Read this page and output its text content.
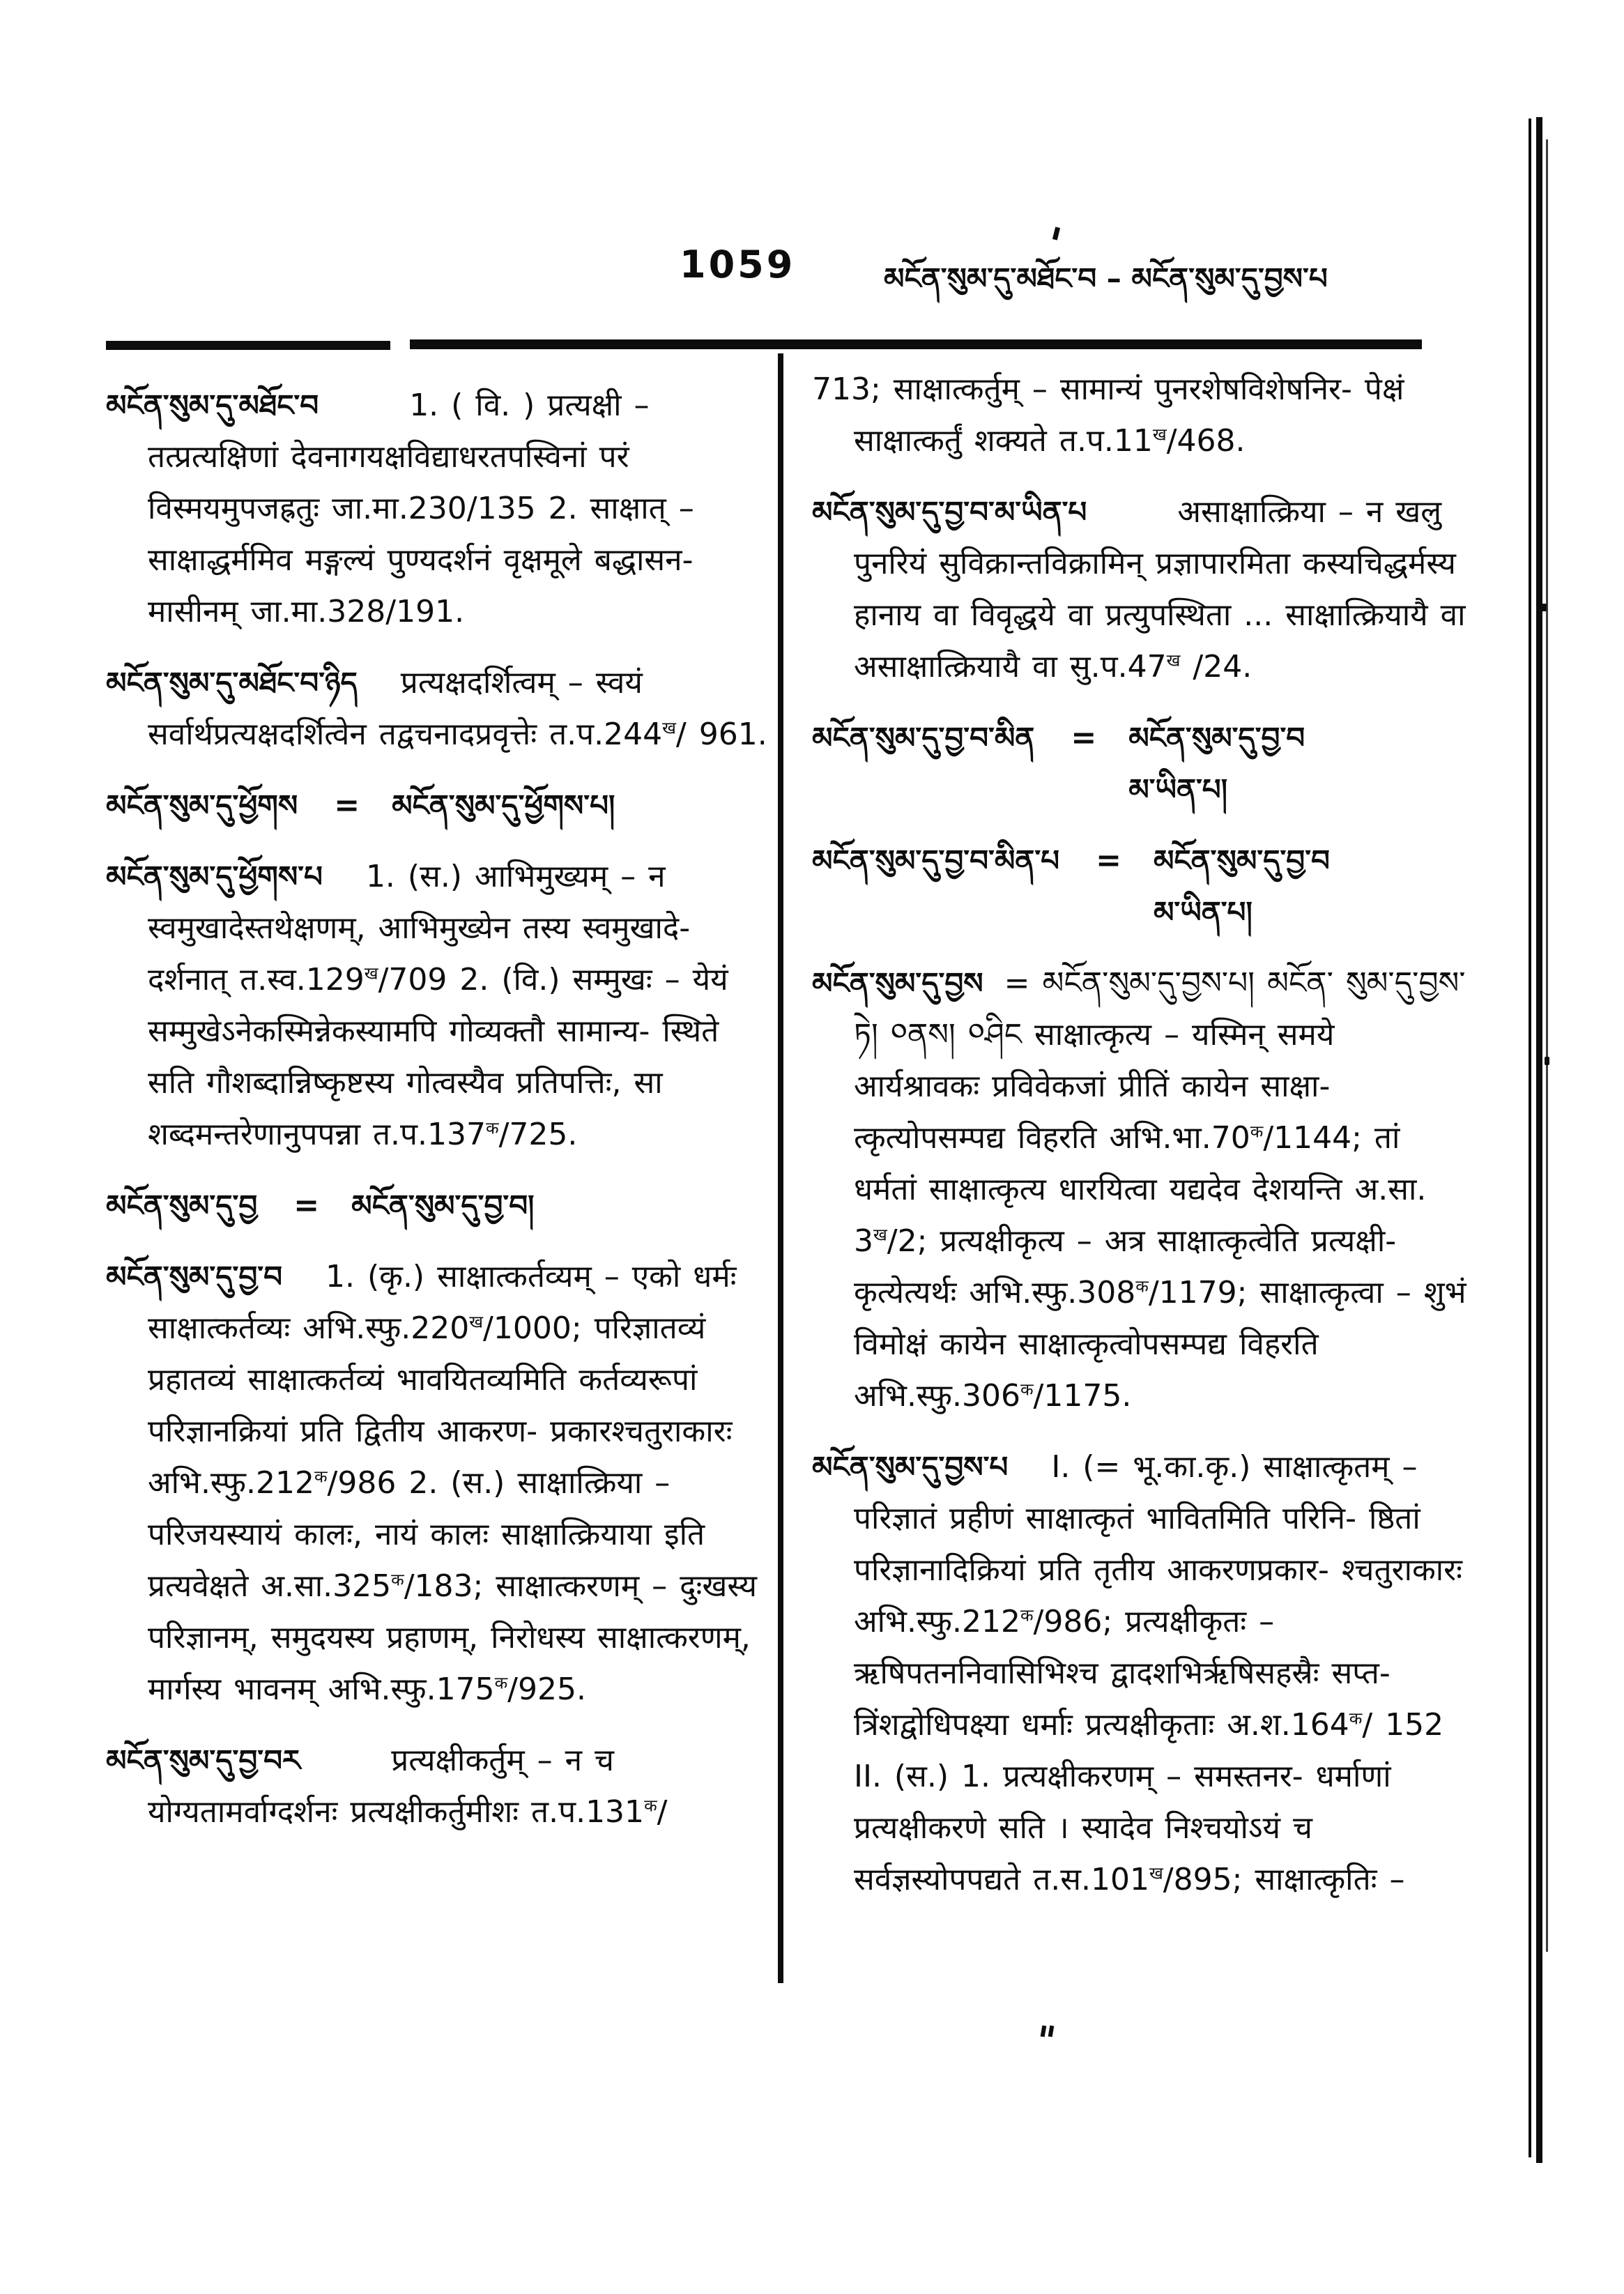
1059	མངོན་སུམ་དུ་མཐོང་བ – མངོན་སུམ་དུ་བྱས་པ
མངོན་སུམ་དུ་མཐོང་བ	1. ( वि. ) प्रत्यक्षी – तत्प्रत्यक्षिणां देवनागयक्षविद्याधरतपस्विनां परं विस्मयमुपजह्रतुः जा.मा.230/135 2. साक्षात् – साक्षाद्धर्ममिव मङ्गल्यं पुण्यदर्शनं वृक्षमूले बद्धासन- मासीनम् जा.मा.328/191.
མངོན་སུམ་དུ་མཐོང་བ་ཉིད प्रत्यक्षदर्शित्वम् – स्वयं सर्वार्थप्रत्यक्षदर्शित्वेन तद्वचनादप्रवृत्तेः $त.प.244^ख/$ 961.
མངོན་སུམ་དུ་ཕྱོགས = མངོན་སུམ་དུ་ཕྱོགས་པ།
མངོན་སུམ་དུ་ཕྱོགས་པ 1. (स.) आभिमुख्यम् – न स्वमुखादेस्तथेक्षणम्, आभिमुख्येन तस्य स्वमुखादे- दर्शनात् $त.स्व.129^ख/709$ 2. (वि.) सम्मुखः – येयं सम्मुखेऽनेकस्मिन्नेकस्यामपि गोव्यक्तौ सामान्य- स्थिते सति गौशब्दान्निष्कृष्टस्य गोत्वस्यैव प्रतिपत्तिः, सा शब्दमन्तरेणानुपपन्ना $त.प.137^क/725$.
མངོན་སུམ་དུ་བྱ = མངོན་སུམ་དུ་བྱ་བ།
མངོན་སུམ་དུ་བྱ་བ 1. (कृ.) साक्षात्कर्तव्यम् – एको धर्मः साक्षात्कर्तव्यः $अभि.स्फु.220^ख/1000$; परिज्ञातव्यं प्रहातव्यं साक्षात्कर्तव्यं भावयितव्यमिति कर्तव्यरूपां परिज्ञानक्रियां प्रति द्वितीय आकरण- प्रकारश्चतुराकारः $अभि.स्फु.212^क/986$ 2. (स.) साक्षात्क्रिया – परिजयस्यायं कालः, नायं कालः साक्षात्क्रियाया इति प्रत्यवेक्षते $अ.सा.325^क/183$; साक्षात्करणम् – दुःखस्य परिज्ञानम्, समुदयस्य प्रहाणम्, निरोधस्य साक्षात्करणम्, मार्गस्य भावनम् $अभि.स्फु.175^क/925$.
མངོན་སུམ་དུ་བྱ་བར	प्रत्यक्षीकर्तुम् – न च योग्यतामर्वाग्दर्शनः प्रत्यक्षीकर्तुमीशः $त.प.131^क/$
713; साक्षात्कर्तुम् – सामान्यं पुनरशेषविशेषनिर- पेक्षं साक्षात्कर्तुं शक्यते $त.प.11^ख/468$.
མངོན་སུམ་དུ་བྱ་བ་མ་ཡིན་པ	असाक्षात्क्रिया – न खलु पुनरियं सुविक्रान्तविक्रामिन् प्रज्ञापारमिता कस्यचिद्धर्मस्य हानाय वा विवृद्धये वा प्रत्युपस्थिता ... साक्षात्क्रियायै वा असाक्षात्क्रियायै वा $सु.प.47^ख$ /24.
མངོན་སུམ་དུ་བྱ་བ་མིན = མངོན་སུམ་དུ་བྱ་བ
མ་ཡིན་པ།
མངོན་སུམ་དུ་བྱ་བ་མིན་པ = མངོན་སུམ་དུ་བྱ་བ
མ་ཡིན་པ།
མངོན་སུམ་དུ་བྱས = མངོན་སུམ་དུ་བྱས་པ། མངོན་ སུམ་དུ་བྱས་ཏེ། ༠ནས། ༠ཤིང साक्षात्कृत्य – यस्मिन् समये आर्यश्रावकः प्रविवेकजां प्रीतिं कायेन साक्षा- त्कृत्योपसम्पद्य विहरति $अभि.भा.70^क/1144$; तां धर्मतां साक्षात्कृत्य धारयित्वा यद्यदेव देशयन्ति अ.सा. $3^ख/2$; प्रत्यक्षीकृत्य – अत्र साक्षात्कृत्वेति प्रत्यक्षी- कृत्येत्यर्थः $अभि.स्फु.308^क/1179$; साक्षात्कृत्वा – शुभं विमोक्षं कायेन साक्षात्कृत्वोपसम्पद्य विहरति $अभि.स्फु.306^क/1175$.
མངོན་སུམ་དུ་བྱས་པ I. (= भू.का.कृ.) साक्षात्कृतम् – परिज्ञातं प्रहीणं साक्षात्कृतं भावितमिति परिनि- ष्ठितां परिज्ञानादिक्रियां प्रति तृतीय आकरणप्रकार- श्चतुराकारः $अभि.स्फु.212^क/986$; प्रत्यक्षीकृतः – ऋषिपतननिवासिभिश्च द्वादशभिर्ऋषिसहस्रैः सप्त- त्रिंशद्वोधिपक्ष्या धर्माः प्रत्यक्षीकृताः $अ.श.164^क/$ 152 II. (स.) 1. प्रत्यक्षीकरणम् – समस्तनर- धर्माणां प्रत्यक्षीकरणे सति । स्यादेव निश्चयोऽयं च सर्वज्ञस्योपपद्यते $त.स.101^ख/895$; साक्षात्कृतिः –
